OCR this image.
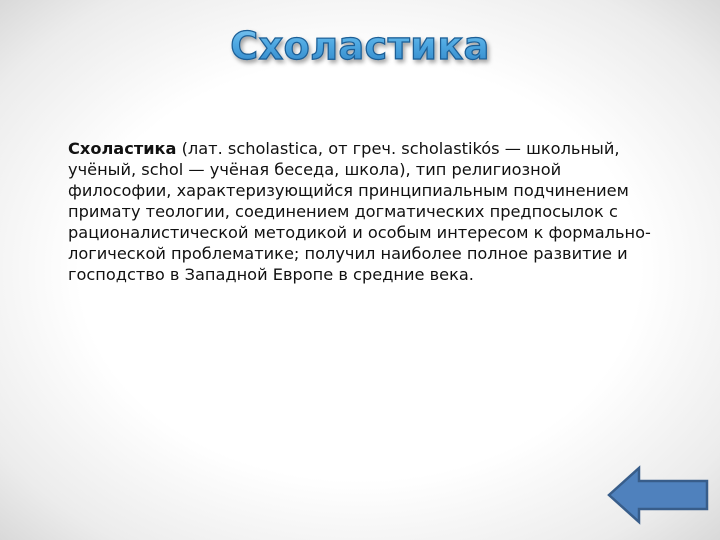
Схоластика

Схоластика (лат. scholastica, от греч. scholastikós — школьный, учёный, schol — учёная беседа, школа), тип религиозной философии, характеризующийся принципиальным подчинением примату теологии, соединением догматических предпосылок с рационалистической методикой и особым интересом к формально-логической проблематике; получил наиболее полное развитие и господство в Западной Европе в средние века.
